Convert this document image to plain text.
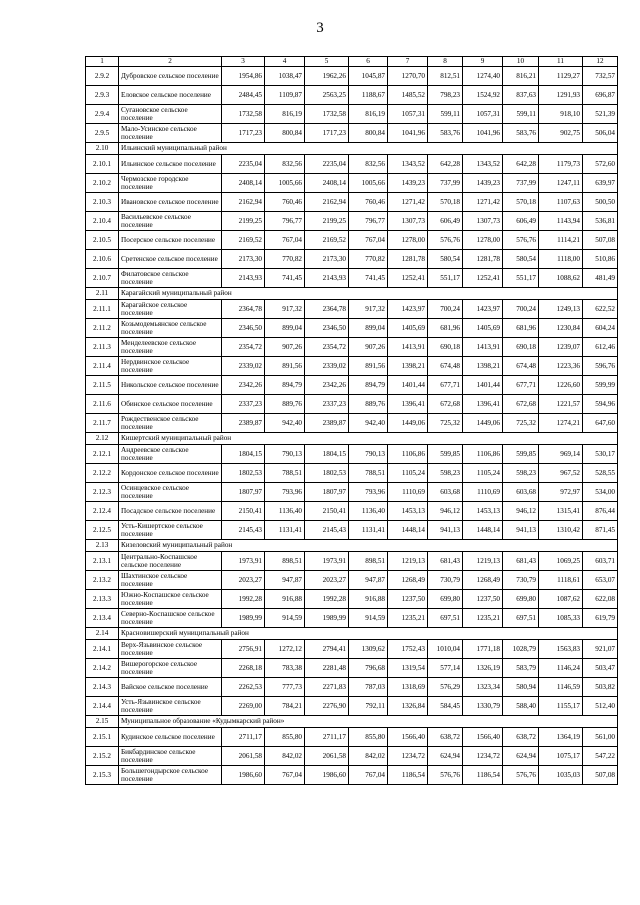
3
1	2	3	4	5	6	7	8	9	10	11	12
2.9.2	Дубровское сельское поселение	1954,86	1038,47	1962,26	1045,87	1270,70	812,51	1274,40	816,21	1129,27	732,57
2.9.3	Еловское сельское поселение	2484,45	1109,87	2563,25	1188,67	1485,52	798,23	1524,92	837,63	1291,93	696,87
2.9.4	Сугановское сельское поселение	1732,58	816,19	1732,58	816,19	1057,31	599,11	1057,31	599,11	918,10	521,39
2.9.5	Мало-Усинское сельское поселение	1717,23	800,84	1717,23	800,84	1041,96	583,76	1041,96	583,76	902,75	506,04
2.10	Ильинский муниципальный район										
2.10.1	Ильинское сельское поселение	2235,04	832,56	2235,04	832,56	1343,52	642,28	1343,52	642,28	1179,73	572,60
2.10.2	Чермозское городское поселение	2408,14	1005,66	2408,14	1005,66	1439,23	737,99	1439,23	737,99	1247,11	639,97
2.10.3	Ивановское сельское поселение	2162,94	760,46	2162,94	760,46	1271,42	570,18	1271,42	570,18	1107,63	500,50
2.10.4	Васильевское сельское поселение	2199,25	796,77	2199,25	796,77	1307,73	606,49	1307,73	606,49	1143,94	536,81
2.10.5	Посерское сельское поселение	2169,52	767,04	2169,52	767,04	1278,00	576,76	1278,00	576,76	1114,21	507,08
2.10.6	Сретенское сельское поселение	2173,30	770,82	2173,30	770,82	1281,78	580,54	1281,78	580,54	1118,00	510,86
2.10.7	Филатовское сельское поселение	2143,93	741,45	2143,93	741,45	1252,41	551,17	1252,41	551,17	1088,62	481,49
2.11	Карагайский муниципальный район										
2.11.1	Карагайское сельское поселение	2364,78	917,32	2364,78	917,32	1423,97	700,24	1423,97	700,24	1249,13	622,52
2.11.2	Козьмодемьянское сельское поселение	2346,50	899,04	2346,50	899,04	1405,69	681,96	1405,69	681,96	1230,84	604,24
2.11.3	Менделеевское сельское поселение	2354,72	907,26	2354,72	907,26	1413,91	690,18	1413,91	690,18	1239,07	612,46
2.11.4	Нердвинское сельское поселение	2339,02	891,56	2339,02	891,56	1398,21	674,48	1398,21	674,48	1223,36	596,76
2.11.5	Никольское сельское поселение	2342,26	894,79	2342,26	894,79	1401,44	677,71	1401,44	677,71	1226,60	599,99
2.11.6	Обинское сельское поселение	2337,23	889,76	2337,23	889,76	1396,41	672,68	1396,41	672,68	1221,57	594,96
2.11.7	Рождественское сельское поселение	2389,87	942,40	2389,87	942,40	1449,06	725,32	1449,06	725,32	1274,21	647,60
2.12	Кишертский муниципальный район										
2.12.1	Андреевское сельское поселение	1804,15	790,13	1804,15	790,13	1106,86	599,85	1106,86	599,85	969,14	530,17
2.12.2	Кордонское сельское поселение	1802,53	788,51	1802,53	788,51	1105,24	598,23	1105,24	598,23	967,52	528,55
2.12.3	Осинцевское сельское поселение	1807,97	793,96	1807,97	793,96	1110,69	603,68	1110,69	603,68	972,97	534,00
2.12.4	Посадское сельское поселение	2150,41	1136,40	2150,41	1136,40	1453,13	946,12	1453,13	946,12	1315,41	876,44
2.12.5	Усть-Кишертское сельское поселение	2145,43	1131,41	2145,43	1131,41	1448,14	941,13	1448,14	941,13	1310,42	871,45
2.13	Кизеловский муниципальный район										
2.13.1	Центрально-Коспашское сельское поселение	1973,91	898,51	1973,91	898,51	1219,13	681,43	1219,13	681,43	1069,25	603,71
2.13.2	Шахтинское сельское поселение	2023,27	947,87	2023,27	947,87	1268,49	730,79	1268,49	730,79	1118,61	653,07
2.13.3	Южно-Коспашское сельское поселение	1992,28	916,88	1992,28	916,88	1237,50	699,80	1237,50	699,80	1087,62	622,08
2.13.4	Северно-Коспашское сельское поселение	1989,99	914,59	1989,99	914,59	1235,21	697,51	1235,21	697,51	1085,33	619,79
2.14	Красновишерский муниципальный район										
2.14.1	Верх-Язьвинское сельское поселение	2756,91	1272,12	2794,41	1309,62	1752,43	1010,04	1771,18	1028,79	1563,83	921,07
2.14.2	Вишерогорское сельское поселение	2268,18	783,38	2281,48	796,68	1319,54	577,14	1326,19	583,79	1146,24	503,47
2.14.3	Вайское сельское поселение	2262,53	777,73	2271,83	787,03	1318,69	576,29	1323,34	580,94	1146,59	503,82
2.14.4	Усть-Язьвинское сельское поселение	2269,00	784,21	2276,90	792,11	1326,84	584,45	1330,79	588,40	1155,17	512,40
2.15	Муниципальное образование «Кудымкарский район»										
2.15.1	Кудинское сельское поселение	2711,17	855,80	2711,17	855,80	1566,40	638,72	1566,40	638,72	1364,19	561,00
2.15.2	Бикбардинское сельское поселение	2061,58	842,02	2061,58	842,02	1234,72	624,94	1234,72	624,94	1075,17	547,22
2.15.3	Большегондырское сельское поселение	1986,60	767,04	1986,60	767,04	1186,54	576,76	1186,54	576,76	1035,03	507,08
